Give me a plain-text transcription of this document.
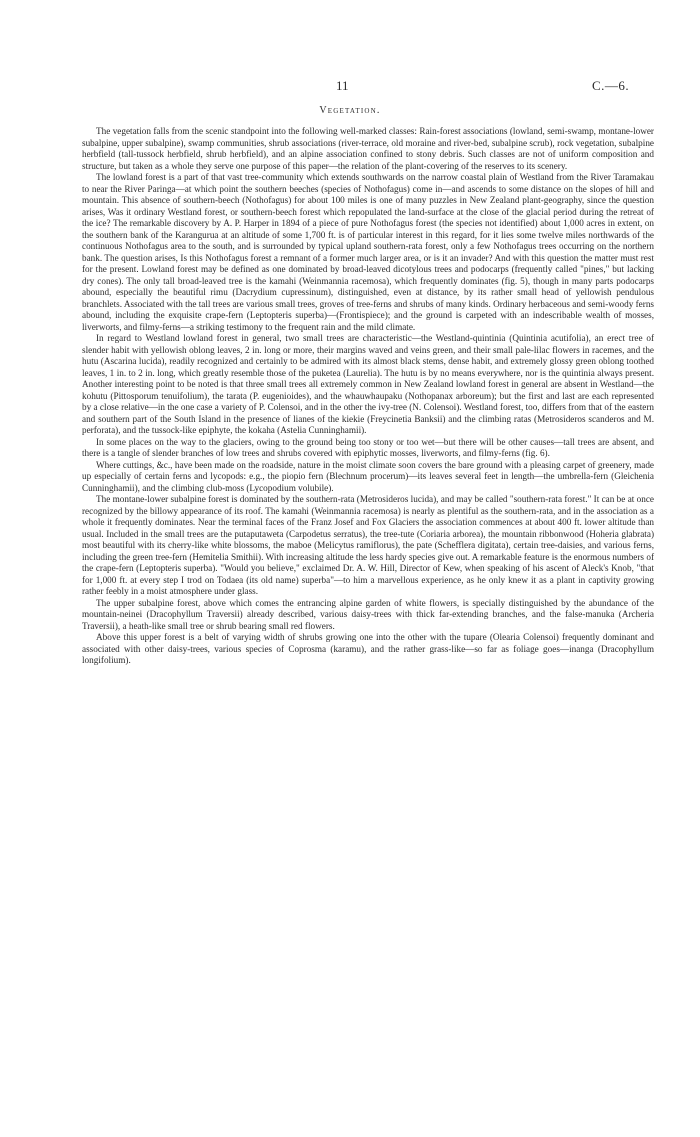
11	C.—6.
Vegetation.

The vegetation falls from the scenic standpoint into the following well-marked classes: Rain-forest associations (lowland, semi-swamp, montane-lower subalpine, upper subalpine), swamp communities, shrub associations (river-terrace, old moraine and river-bed, subalpine scrub), rock vegetation, subalpine herbfield (tall-tussock herbfield, shrub herbfield), and an alpine association confined to stony debris. Such classes are not of uniform composition and structure, but taken as a whole they serve one purpose of this paper—the relation of the plant-covering of the reserves to its scenery.

The lowland forest is a part of that vast tree-community which extends southwards on the narrow coastal plain of Westland from the River Taramakau to near the River Paringa—at which point the southern beeches (species of Nothofagus) come in—and ascends to some distance on the slopes of hill and mountain. This absence of southern-beech (Nothofagus) for about 100 miles is one of many puzzles in New Zealand plant-geography, since the question arises, Was it ordinary Westland forest, or southern-beech forest which repopulated the land-surface at the close of the glacial period during the retreat of the ice? The remarkable discovery by A. P. Harper in 1894 of a piece of pure Nothofagus forest (the species not identified) about 1,000 acres in extent, on the southern bank of the Karangurua at an altitude of some 1,700 ft. is of particular interest in this regard, for it lies some twelve miles northwards of the continuous Nothofagus area to the south, and is surrounded by typical upland southern-rata forest, only a few Nothofagus trees occurring on the northern bank. The question arises, Is this Nothofagus forest a remnant of a former much larger area, or is it an invader? And with this question the matter must rest for the present. Lowland forest may be defined as one dominated by broad-leaved dicotylous trees and podocarps (frequently called "pines," but lacking dry cones). The only tall broad-leaved tree is the kamahi (Weinmannia racemosa), which frequently dominates (fig. 5), though in many parts podocarps abound, especially the beautiful rimu (Dacrydium cupressinum), distinguished, even at distance, by its rather small head of yellowish pendulous branchlets. Associated with the tall trees are various small trees, groves of tree-ferns and shrubs of many kinds. Ordinary herbaceous and semi-woody ferns abound, including the exquisite crape-fern (Leptopteris superba)—(Frontispiece); and the ground is carpeted with an indescribable wealth of mosses, liverworts, and filmy-ferns—a striking testimony to the frequent rain and the mild climate.

In regard to Westland lowland forest in general, two small trees are characteristic—the Westland-quintinia (Quintinia acutifolia), an erect tree of slender habit with yellowish oblong leaves, 2 in. long or more, their margins waved and veins green, and their small pale-lilac flowers in racemes, and the hutu (Ascarina lucida), readily recognized and certainly to be admired with its almost black stems, dense habit, and extremely glossy green oblong toothed leaves, 1 in. to 2 in. long, which greatly resemble those of the puketea (Laurelia). The hutu is by no means everywhere, nor is the quintinia always present. Another interesting point to be noted is that three small trees all extremely common in New Zealand lowland forest in general are absent in Westland—the kohutu (Pittosporum tenuifolium), the tarata (P. eugenioides), and the whauwhaupaku (Nothopanax arboreum); but the first and last are each represented by a close relative—in the one case a variety of P. Colensoi, and in the other the ivy-tree (N. Colensoi). Westland forest, too, differs from that of the eastern and southern part of the South Island in the presence of lianes of the kiekie (Freycinetia Banksii) and the climbing ratas (Metrosideros scanderos and M. perforata), and the tussock-like epiphyte, the kokaha (Astelia Cunninghamii).

In some places on the way to the glaciers, owing to the ground being too stony or too wet—but there will be other causes—tall trees are absent, and there is a tangle of slender branches of low trees and shrubs covered with epiphytic mosses, liverworts, and filmy-ferns (fig. 6).

Where cuttings, &c., have been made on the roadside, nature in the moist climate soon covers the bare ground with a pleasing carpet of greenery, made up especially of certain ferns and lycopods: e.g., the piopio fern (Blechnum procerum)—its leaves several feet in length—the umbrella-fern (Gleichenia Cunninghamii), and the climbing club-moss (Lycopodium volubile).

The montane-lower subalpine forest is dominated by the southern-rata (Metrosideros lucida), and may be called "southern-rata forest." It can be at once recognized by the billowy appearance of its roof. The kamahi (Weinmannia racemosa) is nearly as plentiful as the southern-rata, and in the association as a whole it frequently dominates. Near the terminal faces of the Franz Josef and Fox Glaciers the association commences at about 400 ft. lower altitude than usual. Included in the small trees are the putaputaweta (Carpodetus serratus), the tree-tute (Coriaria arborea), the mountain ribbonwood (Hoheria glabrata) most beautiful with its cherry-like white blossoms, the maboe (Melicytus ramiflorus), the pate (Schefflera digitata), certain tree-daisies, and various ferns, including the green tree-fern (Hemitelia Smithii). With increasing altitude the less hardy species give out. A remarkable feature is the enormous numbers of the crape-fern (Leptopteris superba). "Would you believe," exclaimed Dr. A. W. Hill, Director of Kew, when speaking of his ascent of Aleck's Knob, "that for 1,000 ft. at every step I trod on Todaea (its old name) superba"—to him a marvellous experience, as he only knew it as a plant in captivity growing rather feebly in a moist atmosphere under glass.

The upper subalpine forest, above which comes the entrancing alpine garden of white flowers, is specially distinguished by the abundance of the mountain-neinei (Dracophyllum Traversii) already described, various daisy-trees with thick far-extending branches, and the false-manuka (Archeria Traversii), a heath-like small tree or shrub bearing small red flowers.

Above this upper forest is a belt of varying width of shrubs growing one into the other with the tupare (Olearia Colensoi) frequently dominant and associated with other daisy-trees, various species of Coprosma (karamu), and the rather grass-like—so far as foliage goes—inanga (Dracophyllum longifolium).
